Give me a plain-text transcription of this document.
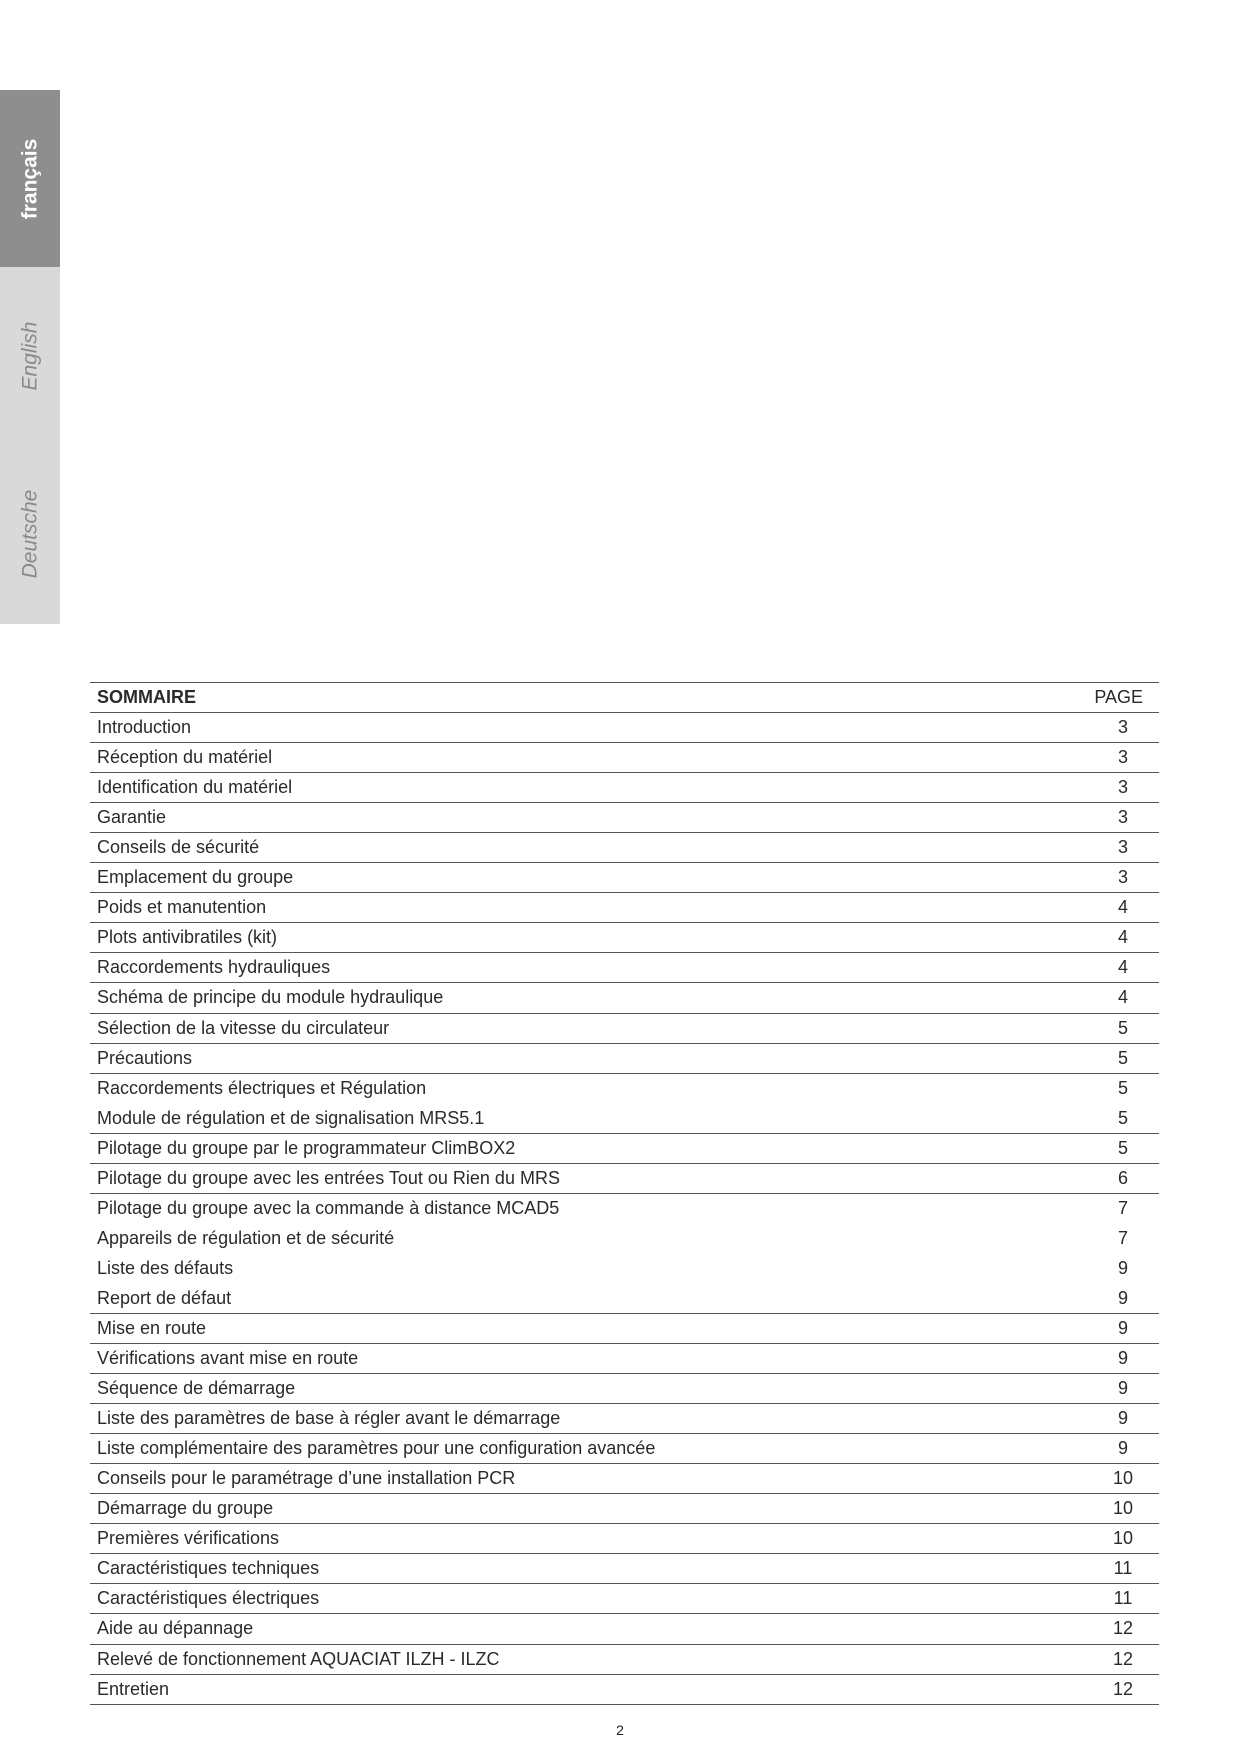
français
English
Deutsche
SOMMAIRE	PAGE
Introduction	3
Réception du matériel	3
Identification du matériel	3
Garantie	3
Conseils de sécurité	3
Emplacement du groupe	3
Poids et manutention	4
Plots antivibratiles (kit)	4
Raccordements hydrauliques	4
Schéma de principe du module hydraulique	4
Sélection de la vitesse du circulateur	5
Précautions	5
Raccordements électriques et Régulation	5
Module de régulation et de signalisation MRS5.1	5
Pilotage du groupe par le programmateur ClimBOX2	5
Pilotage du groupe avec les entrées Tout ou Rien du MRS	6
Pilotage du groupe avec la commande à distance MCAD5	7
Appareils de régulation et de sécurité	7
Liste des défauts	9
Report de défaut	9
Mise en route	9
Vérifications avant mise en route	9
Séquence de démarrage	9
Liste des paramètres de base à régler avant le démarrage	9
Liste complémentaire des paramètres pour une configuration avancée	9
Conseils pour le paramétrage d’une installation PCR	10
Démarrage du groupe	10
Premières vérifications	10
Caractéristiques techniques	11
Caractéristiques électriques	11
Aide au dépannage	12
Relevé de fonctionnement AQUACIAT ILZH - ILZC	12
Entretien	12
2
